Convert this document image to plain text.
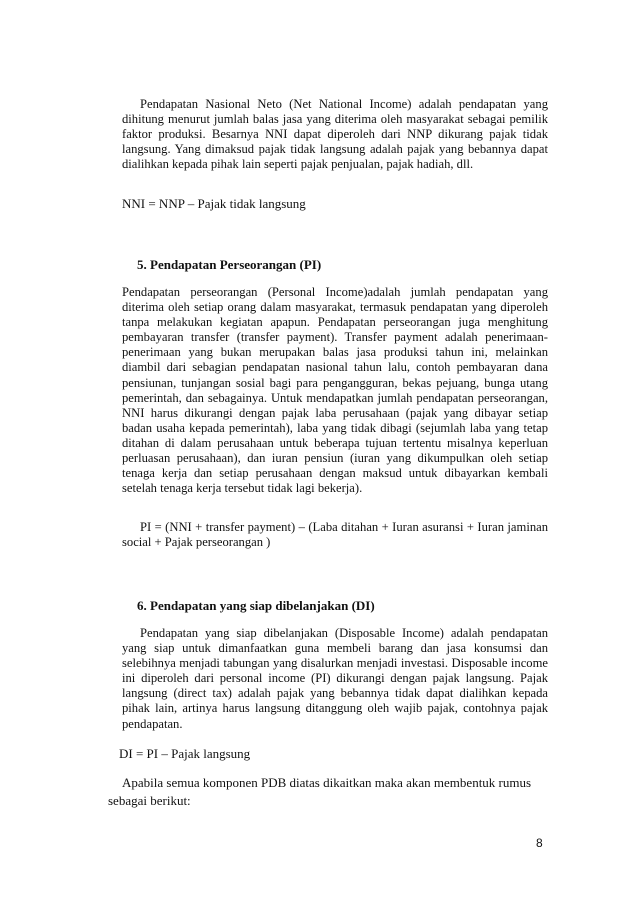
Pendapatan Nasional Neto (Net National Income) adalah pendapatan yang dihitung menurut jumlah balas jasa yang diterima oleh masyarakat sebagai pemilik faktor produksi. Besarnya NNI dapat diperoleh dari NNP dikurang pajak tidak langsung. Yang dimaksud pajak tidak langsung adalah pajak yang bebannya dapat dialihkan kepada pihak lain seperti pajak penjualan, pajak hadiah, dll.

NNI = NNP – Pajak tidak langsung

5. Pendapatan Perseorangan (PI)

Pendapatan perseorangan (Personal Income)adalah jumlah pendapatan yang diterima oleh setiap orang dalam masyarakat, termasuk pendapatan yang diperoleh tanpa melakukan kegiatan apapun. Pendapatan perseorangan juga menghitung pembayaran transfer (transfer payment). Transfer payment adalah penerimaan-penerimaan yang bukan merupakan balas jasa produksi tahun ini, melainkan diambil dari sebagian pendapatan nasional tahun lalu, contoh pembayaran dana pensiunan, tunjangan sosial bagi para pengangguran, bekas pejuang, bunga utang pemerintah, dan sebagainya. Untuk mendapatkan jumlah pendapatan perseorangan, NNI harus dikurangi dengan pajak laba perusahaan (pajak yang dibayar setiap badan usaha kepada pemerintah), laba yang tidak dibagi (sejumlah laba yang tetap ditahan di dalam perusahaan untuk beberapa tujuan tertentu misalnya keperluan perluasan perusahaan), dan iuran pensiun (iuran yang dikumpulkan oleh setiap tenaga kerja dan setiap perusahaan dengan maksud untuk dibayarkan kembali setelah tenaga kerja tersebut tidak lagi bekerja).

PI = (NNI + transfer payment) – (Laba ditahan + Iuran asuransi + Iuran jaminan social + Pajak perseorangan )

6. Pendapatan yang siap dibelanjakan (DI)

Pendapatan yang siap dibelanjakan (Disposable Income) adalah pendapatan yang siap untuk dimanfaatkan guna membeli barang dan jasa konsumsi dan selebihnya menjadi tabungan yang disalurkan menjadi investasi. Disposable income ini diperoleh dari personal income (PI) dikurangi dengan pajak langsung. Pajak langsung (direct tax) adalah pajak yang bebannya tidak dapat dialihkan kepada pihak lain, artinya harus langsung ditanggung oleh wajib pajak, contohnya pajak pendapatan.

DI = PI – Pajak langsung

Apabila semua komponen PDB diatas dikaitkan maka akan membentuk rumus

sebagai berikut:

8
